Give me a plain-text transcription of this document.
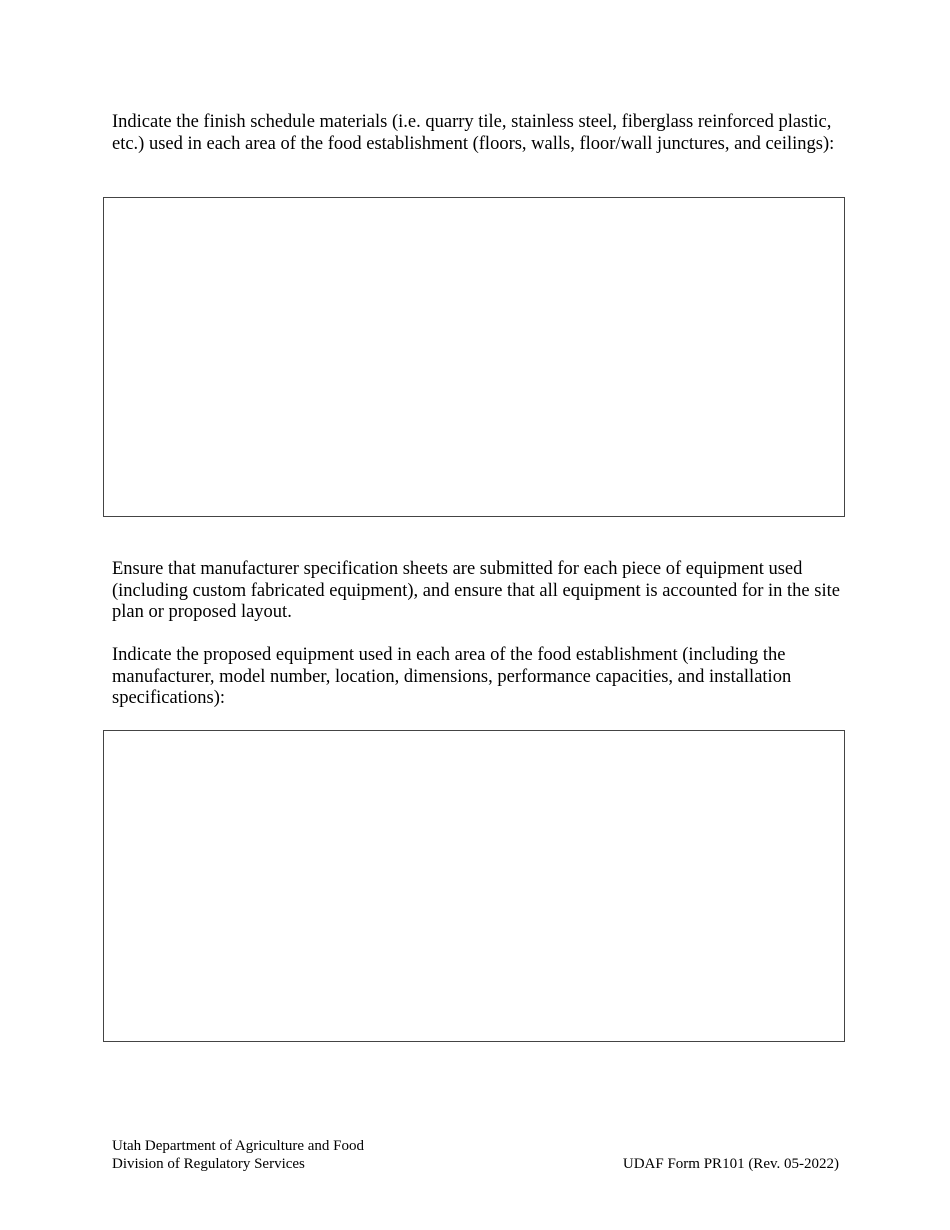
Indicate the finish schedule materials (i.e. quarry tile, stainless steel, fiberglass reinforced plastic, etc.) used in each area of the food establishment (floors, walls, floor/wall junctures, and ceilings):

Ensure that manufacturer specification sheets are submitted for each piece of equipment used (including custom fabricated equipment), and ensure that all equipment is accounted for in the site plan or proposed layout.

Indicate the proposed equipment used in each area of the food establishment (including the manufacturer, model number, location, dimensions, performance capacities, and installation specifications):

Utah Department of Agriculture and Food
Division of Regulatory Services	UDAF Form PR101 (Rev. 05-2022)
